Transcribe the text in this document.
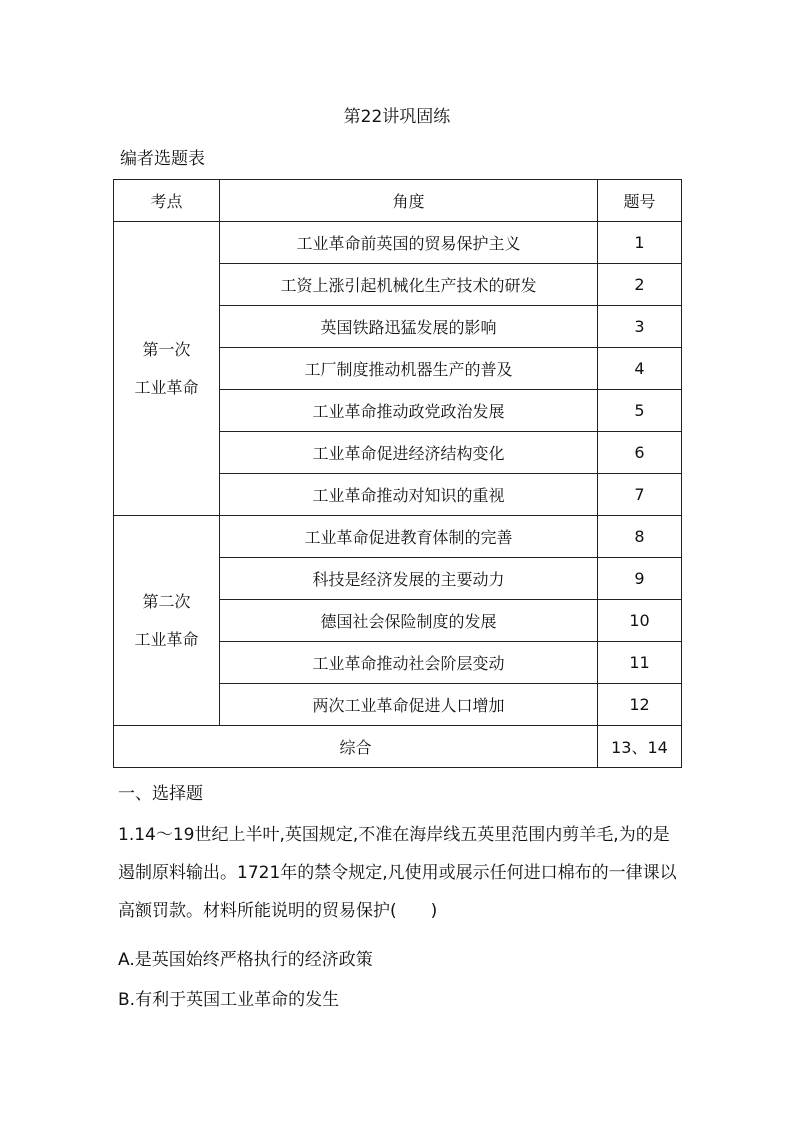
第22讲巩固练
编者选题表
考点	角度	题号

第一次
工业革命	工业革命前英国的贸易保护主义	1
	工资上涨引起机械化生产技术的研发	2
	英国铁路迅猛发展的影响	3
	工厂制度推动机器生产的普及	4
	工业革命推动政党政治发展	5
	工业革命促进经济结构变化	6
	工业革命推动对知识的重视	7

第二次
工业革命	工业革命促进教育体制的完善	8
	科技是经济发展的主要动力	9
	德国社会保险制度的发展	10
	工业革命推动社会阶层变动	11
	两次工业革命促进人口增加	12
综合		13、14
一、选择题
1.14～19世纪上半叶,英国规定,不准在海岸线五英里范围内剪羊毛,为的是遏制原料输出。1721年的禁令规定,凡使用或展示任何进口棉布的一律课以高额罚款。材料所能说明的贸易保护(　　)
A.是英国始终严格执行的经济政策
B.有利于英国工业革命的发生
